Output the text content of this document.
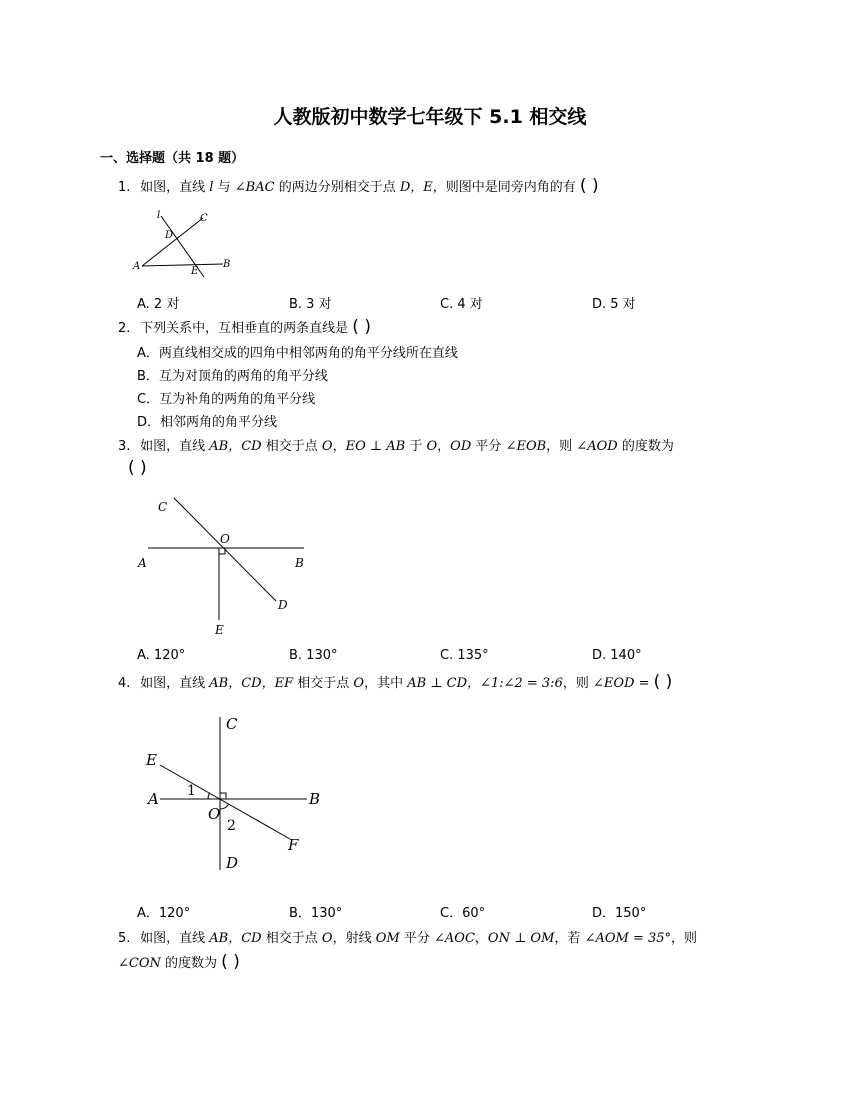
人教版初中数学七年级下 5.1 相交线
一、选择题（共 18 题）
1. 如图，直线 l 与 ∠BAC 的两边分别相交于点 D，E，则图中是同旁内角的有 ( )
l	C
D
A	E
B
A. 2 对	B. 3 对	C. 4 对	D. 5 对
2. 下列关系中，互相垂直的两条直线是 ( )
A．两直线相交成的四角中相邻两角的角平分线所在直线
B．互为对顶角的两角的角平分线
C．互为补角的两角的角平分线
D．相邻两角的角平分线
3. 如图，直线 AB，CD 相交于点 O，EO ⊥ AB 于 O，OD 平分 ∠EOB，则 ∠AOD 的度数为
( )
C
O
A	B
D
E
A. 120°	B. 130°	C. 135°	D. 140°
4. 如图，直线 AB，CD，EF 相交于点 O，其中 AB ⊥ CD，∠1:∠2 = 3:6，则 ∠EOD = ( )
C
E
A	B
1
O
2
F
D
A．120°	B．130°	C．60°	D．150°
5. 如图，直线 AB，CD 相交于点 O，射线 OM 平分 ∠AOC，ON ⊥ OM，若 ∠AOM = 35°，则
∠CON 的度数为 ( )
